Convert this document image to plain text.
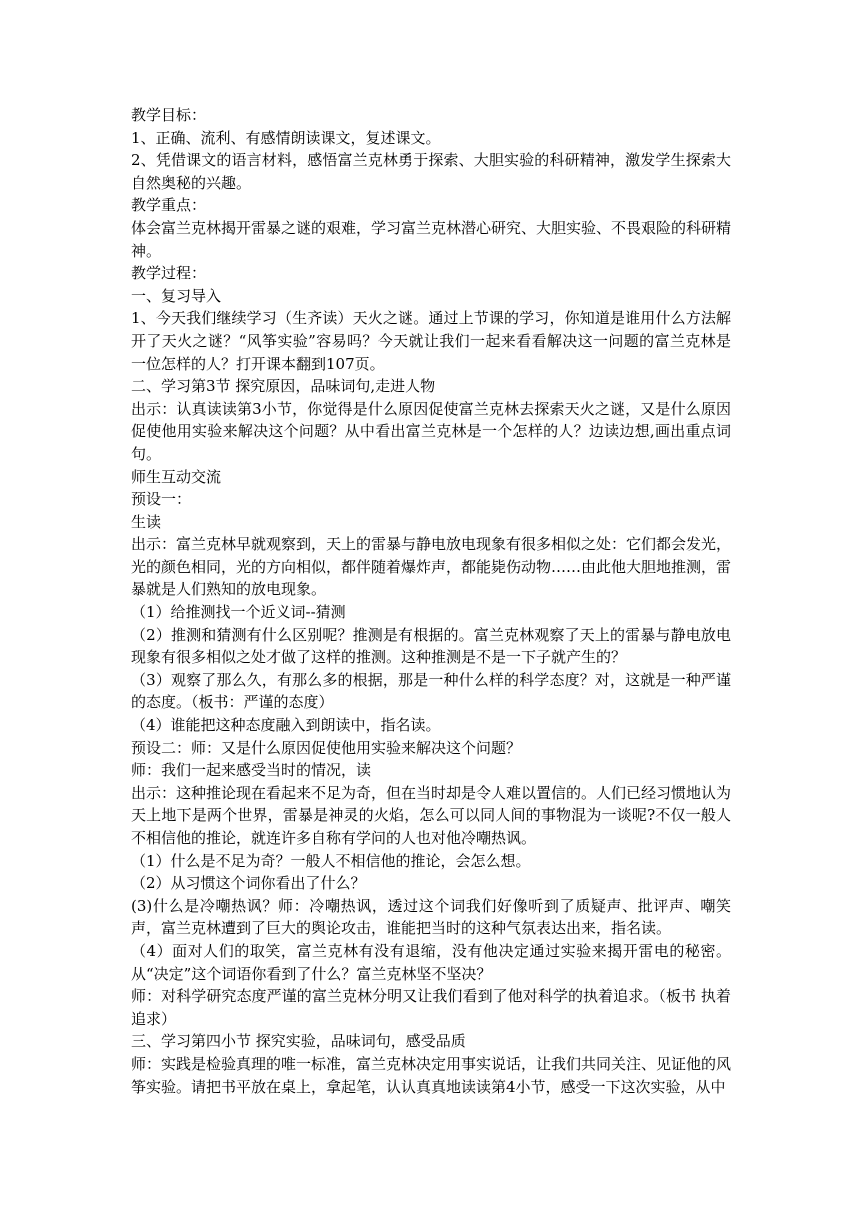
教学目标：

1、正确、流利、有感情朗读课文，复述课文。

2、凭借课文的语言材料，感悟富兰克林勇于探索、大胆实验的科研精神，激发学生探索大自然奥秘的兴趣。

教学重点：

体会富兰克林揭开雷暴之谜的艰难，学习富兰克林潜心研究、大胆实验、不畏艰险的科研精神。

教学过程：

一、复习导入

1、今天我们继续学习（生齐读）天火之谜。通过上节课的学习，你知道是谁用什么方法解开了天火之谜？“风筝实验”容易吗？今天就让我们一起来看看解决这一问题的富兰克林是一位怎样的人？打开课本翻到107页。

二、学习第3节 探究原因，品味词句,走进人物

出示：认真读读第3小节，你觉得是什么原因促使富兰克林去探索天火之谜，又是什么原因促使他用实验来解决这个问题？从中看出富兰克林是一个怎样的人？边读边想,画出重点词句。

师生互动交流

预设一：

生读

出示：富兰克林早就观察到，天上的雷暴与静电放电现象有很多相似之处：它们都会发光，光的颜色相同，光的方向相似，都伴随着爆炸声，都能毙伤动物……由此他大胆地推测，雷暴就是人们熟知的放电现象。

（1）给推测找一个近义词--猜测

（2）推测和猜测有什么区别呢？推测是有根据的。富兰克林观察了天上的雷暴与静电放电现象有很多相似之处才做了这样的推测。这种推测是不是一下子就产生的？

（3）观察了那么久，有那么多的根据，那是一种什么样的科学态度？对，这就是一种严谨的态度。（板书：严谨的态度）

（4）谁能把这种态度融入到朗读中，指名读。

预设二：师：又是什么原因促使他用实验来解决这个问题？

师：我们一起来感受当时的情况，读

出示：这种推论现在看起来不足为奇，但在当时却是令人难以置信的。人们已经习惯地认为天上地下是两个世界，雷暴是神灵的火焰，怎么可以同人间的事物混为一谈呢?不仅一般人不相信他的推论，就连许多自称有学问的人也对他冷嘲热讽。

（1）什么是不足为奇？一般人不相信他的推论，会怎么想。

（2）从习惯这个词你看出了什么？

(3)什么是冷嘲热讽？师：冷嘲热讽，透过这个词我们好像听到了质疑声、批评声、嘲笑声，富兰克林遭到了巨大的舆论攻击，谁能把当时的这种气氛表达出来，指名读。

（4）面对人们的取笑，富兰克林有没有退缩，没有他决定通过实验来揭开雷电的秘密。从“决定”这个词语你看到了什么？富兰克林坚不坚决？

师：对科学研究态度严谨的富兰克林分明又让我们看到了他对科学的执着追求。（板书 执着追求）

三、学习第四小节 探究实验，品味词句，感受品质

师：实践是检验真理的唯一标准，富兰克林决定用事实说话，让我们共同关注、见证他的风筝实验。请把书平放在桌上，拿起笔，认认真真地读读第4小节，感受一下这次实验，从中
